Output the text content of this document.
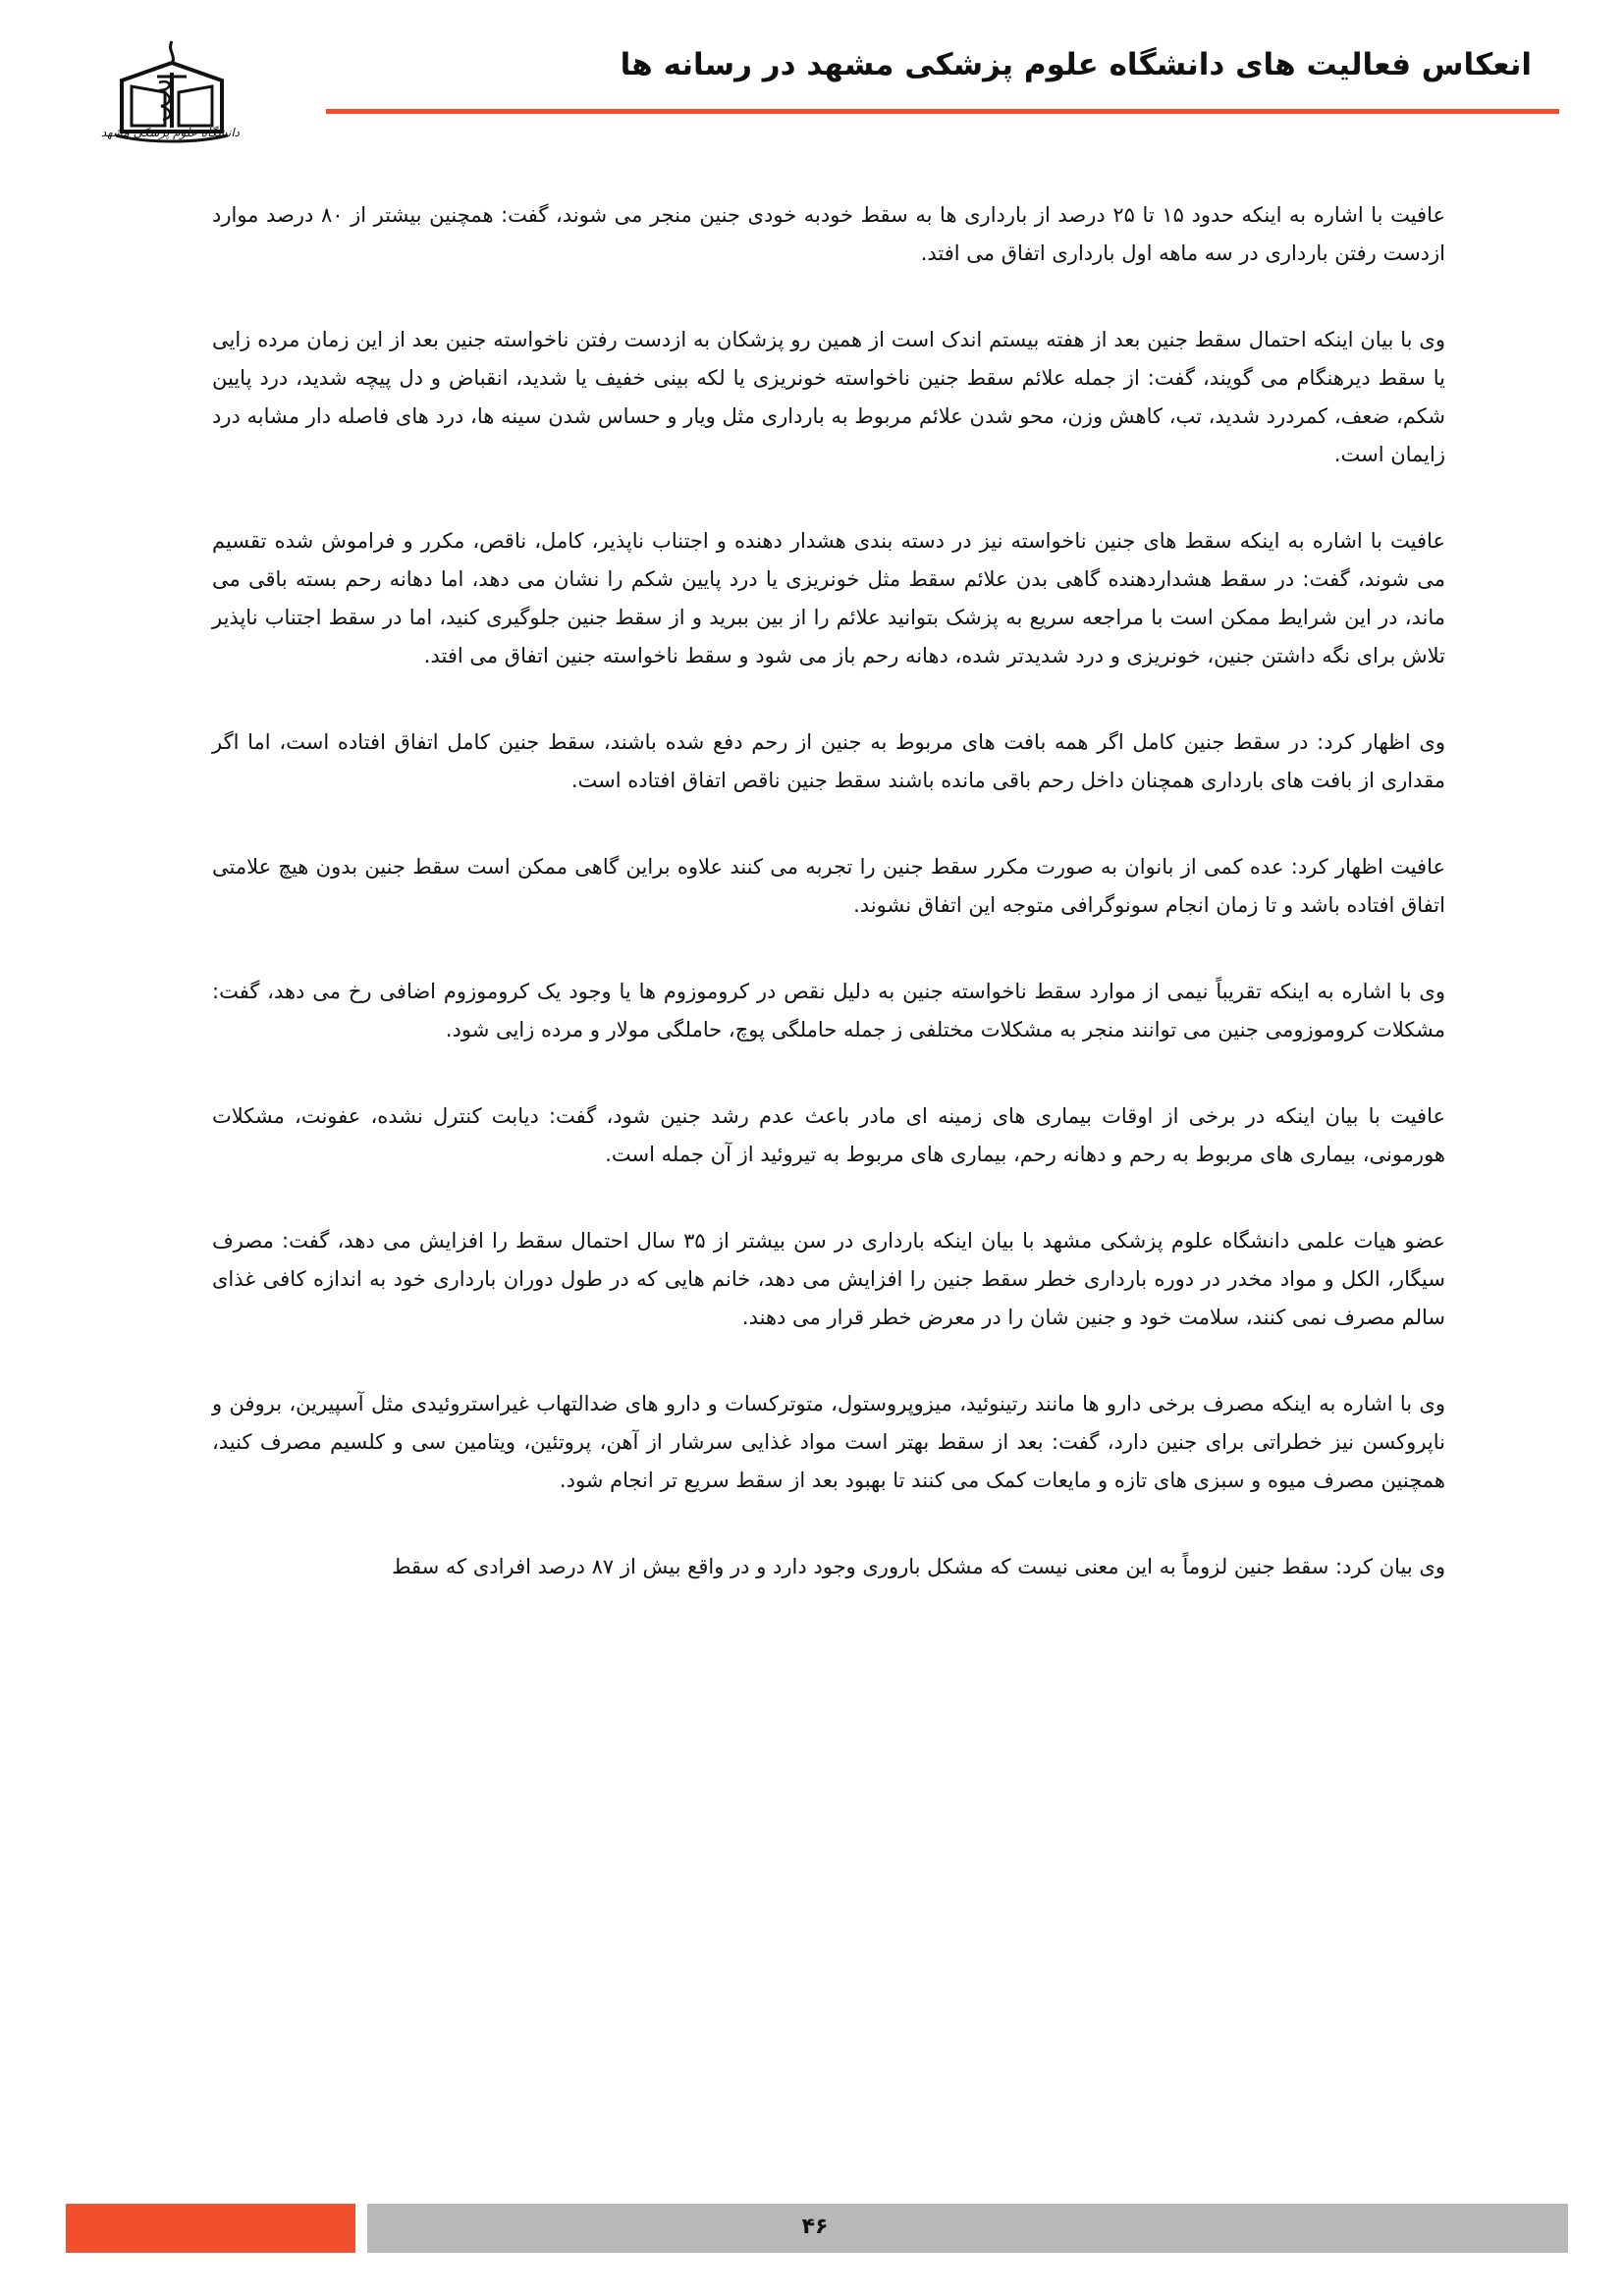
انعکاس فعالیت های دانشگاه علوم پزشکی مشهد در رسانه ها
دانشگاه علوم پزشکی مشهد

عافیت با اشاره به اینکه حدود ۱۵ تا ۲۵ درصد از بارداری ها به سقط خودبه خودی جنین منجر می شوند، گفت: همچنین بیشتر از ۸۰ درصد موارد ازدست رفتن بارداری در سه ماهه اول بارداری اتفاق می افتد.

وی با بیان اینکه احتمال سقط جنین بعد از هفته بیستم اندک است از همین رو پزشکان به ازدست رفتن ناخواسته جنین بعد از این زمان مرده زایی یا سقط دیرهنگام می گویند، گفت: از جمله علائم سقط جنین ناخواسته خونریزی یا لکه بینی خفیف یا شدید، انقباض و دل پیچه شدید، درد پایین شکم، ضعف، کمردرد شدید، تب، کاهش وزن، محو شدن علائم مربوط به بارداری مثل ویار و حساس شدن سینه ها، درد های فاصله دار مشابه درد زایمان است.

عافیت با اشاره به اینکه سقط های جنین ناخواسته نیز در دسته بندی هشدار دهنده و اجتناب ناپذیر، کامل، ناقص، مکرر و فراموش شده تقسیم می شوند، گفت: در سقط هشداردهنده گاهی بدن علائم سقط مثل خونریزی یا درد پایین شکم را نشان می دهد، اما دهانه رحم بسته باقی می ماند، در این شرایط ممکن است با مراجعه سریع به پزشک بتوانید علائم را از بین ببرید و از سقط جنین جلوگیری کنید، اما در سقط اجتناب ناپذیر تلاش برای نگه داشتن جنین، خونریزی و درد شدیدتر شده، دهانه رحم باز می شود و سقط ناخواسته جنین اتفاق می افتد.

وی اظهار کرد: در سقط جنین کامل اگر همه بافت های مربوط به جنین از رحم دفع شده باشند، سقط جنین کامل اتفاق افتاده است، اما اگر مقداری از بافت های بارداری همچنان داخل رحم باقی مانده باشند سقط جنین ناقص اتفاق افتاده است.

عافیت اظهار کرد: عده کمی از بانوان به صورت مکرر سقط جنین را تجربه می کنند علاوه براین گاهی ممکن است سقط جنین بدون هیچ علامتی اتفاق افتاده باشد و تا زمان انجام سونوگرافی متوجه این اتفاق نشوند.

وی با اشاره به اینکه تقریباً نیمی از موارد سقط ناخواسته جنین به دلیل نقص در کروموزوم ها یا وجود یک کروموزوم اضافی رخ می دهد، گفت: مشکلات کروموزومی جنین می توانند منجر به مشکلات مختلفی ز جمله حاملگی پوچ، حاملگی مولار و مرده زایی شود.

عافیت با بیان اینکه در برخی از اوقات بیماری های زمینه ای مادر باعث عدم رشد جنین شود، گفت: دیابت کنترل نشده، عفونت، مشکلات هورمونی، بیماری های مربوط به رحم و دهانه رحم، بیماری های مربوط به تیروئید از آن جمله است.

عضو هیات علمی دانشگاه علوم پزشکی مشهد با بیان اینکه بارداری در سن بیشتر از ۳۵ سال احتمال سقط را افزایش می دهد، گفت: مصرف سیگار، الکل و مواد مخدر در دوره بارداری خطر سقط جنین را افزایش می دهد، خانم هایی که در طول دوران بارداری خود به اندازه کافی غذای سالم مصرف نمی کنند، سلامت خود و جنین شان را در معرض خطر قرار می دهند.

وی با اشاره به اینکه مصرف برخی دارو ها مانند رتینوئید، میزوپروستول، متوترکسات و دارو های ضدالتهاب غیراستروئیدی مثل آسپیرین، بروفن و ناپروکسن نیز خطراتی برای جنین دارد، گفت: بعد از سقط بهتر است مواد غذایی سرشار از آهن، پروتئین، ویتامین سی و کلسیم مصرف کنید، همچنین مصرف میوه و سبزی های تازه و مایعات کمک می کنند تا بهبود بعد از سقط سریع تر انجام شود.

وی بیان کرد: سقط جنین لزوماً به این معنی نیست که مشکل باروری وجود دارد و در واقع بیش از ۸۷ درصد افرادی که سقط

۴۶
